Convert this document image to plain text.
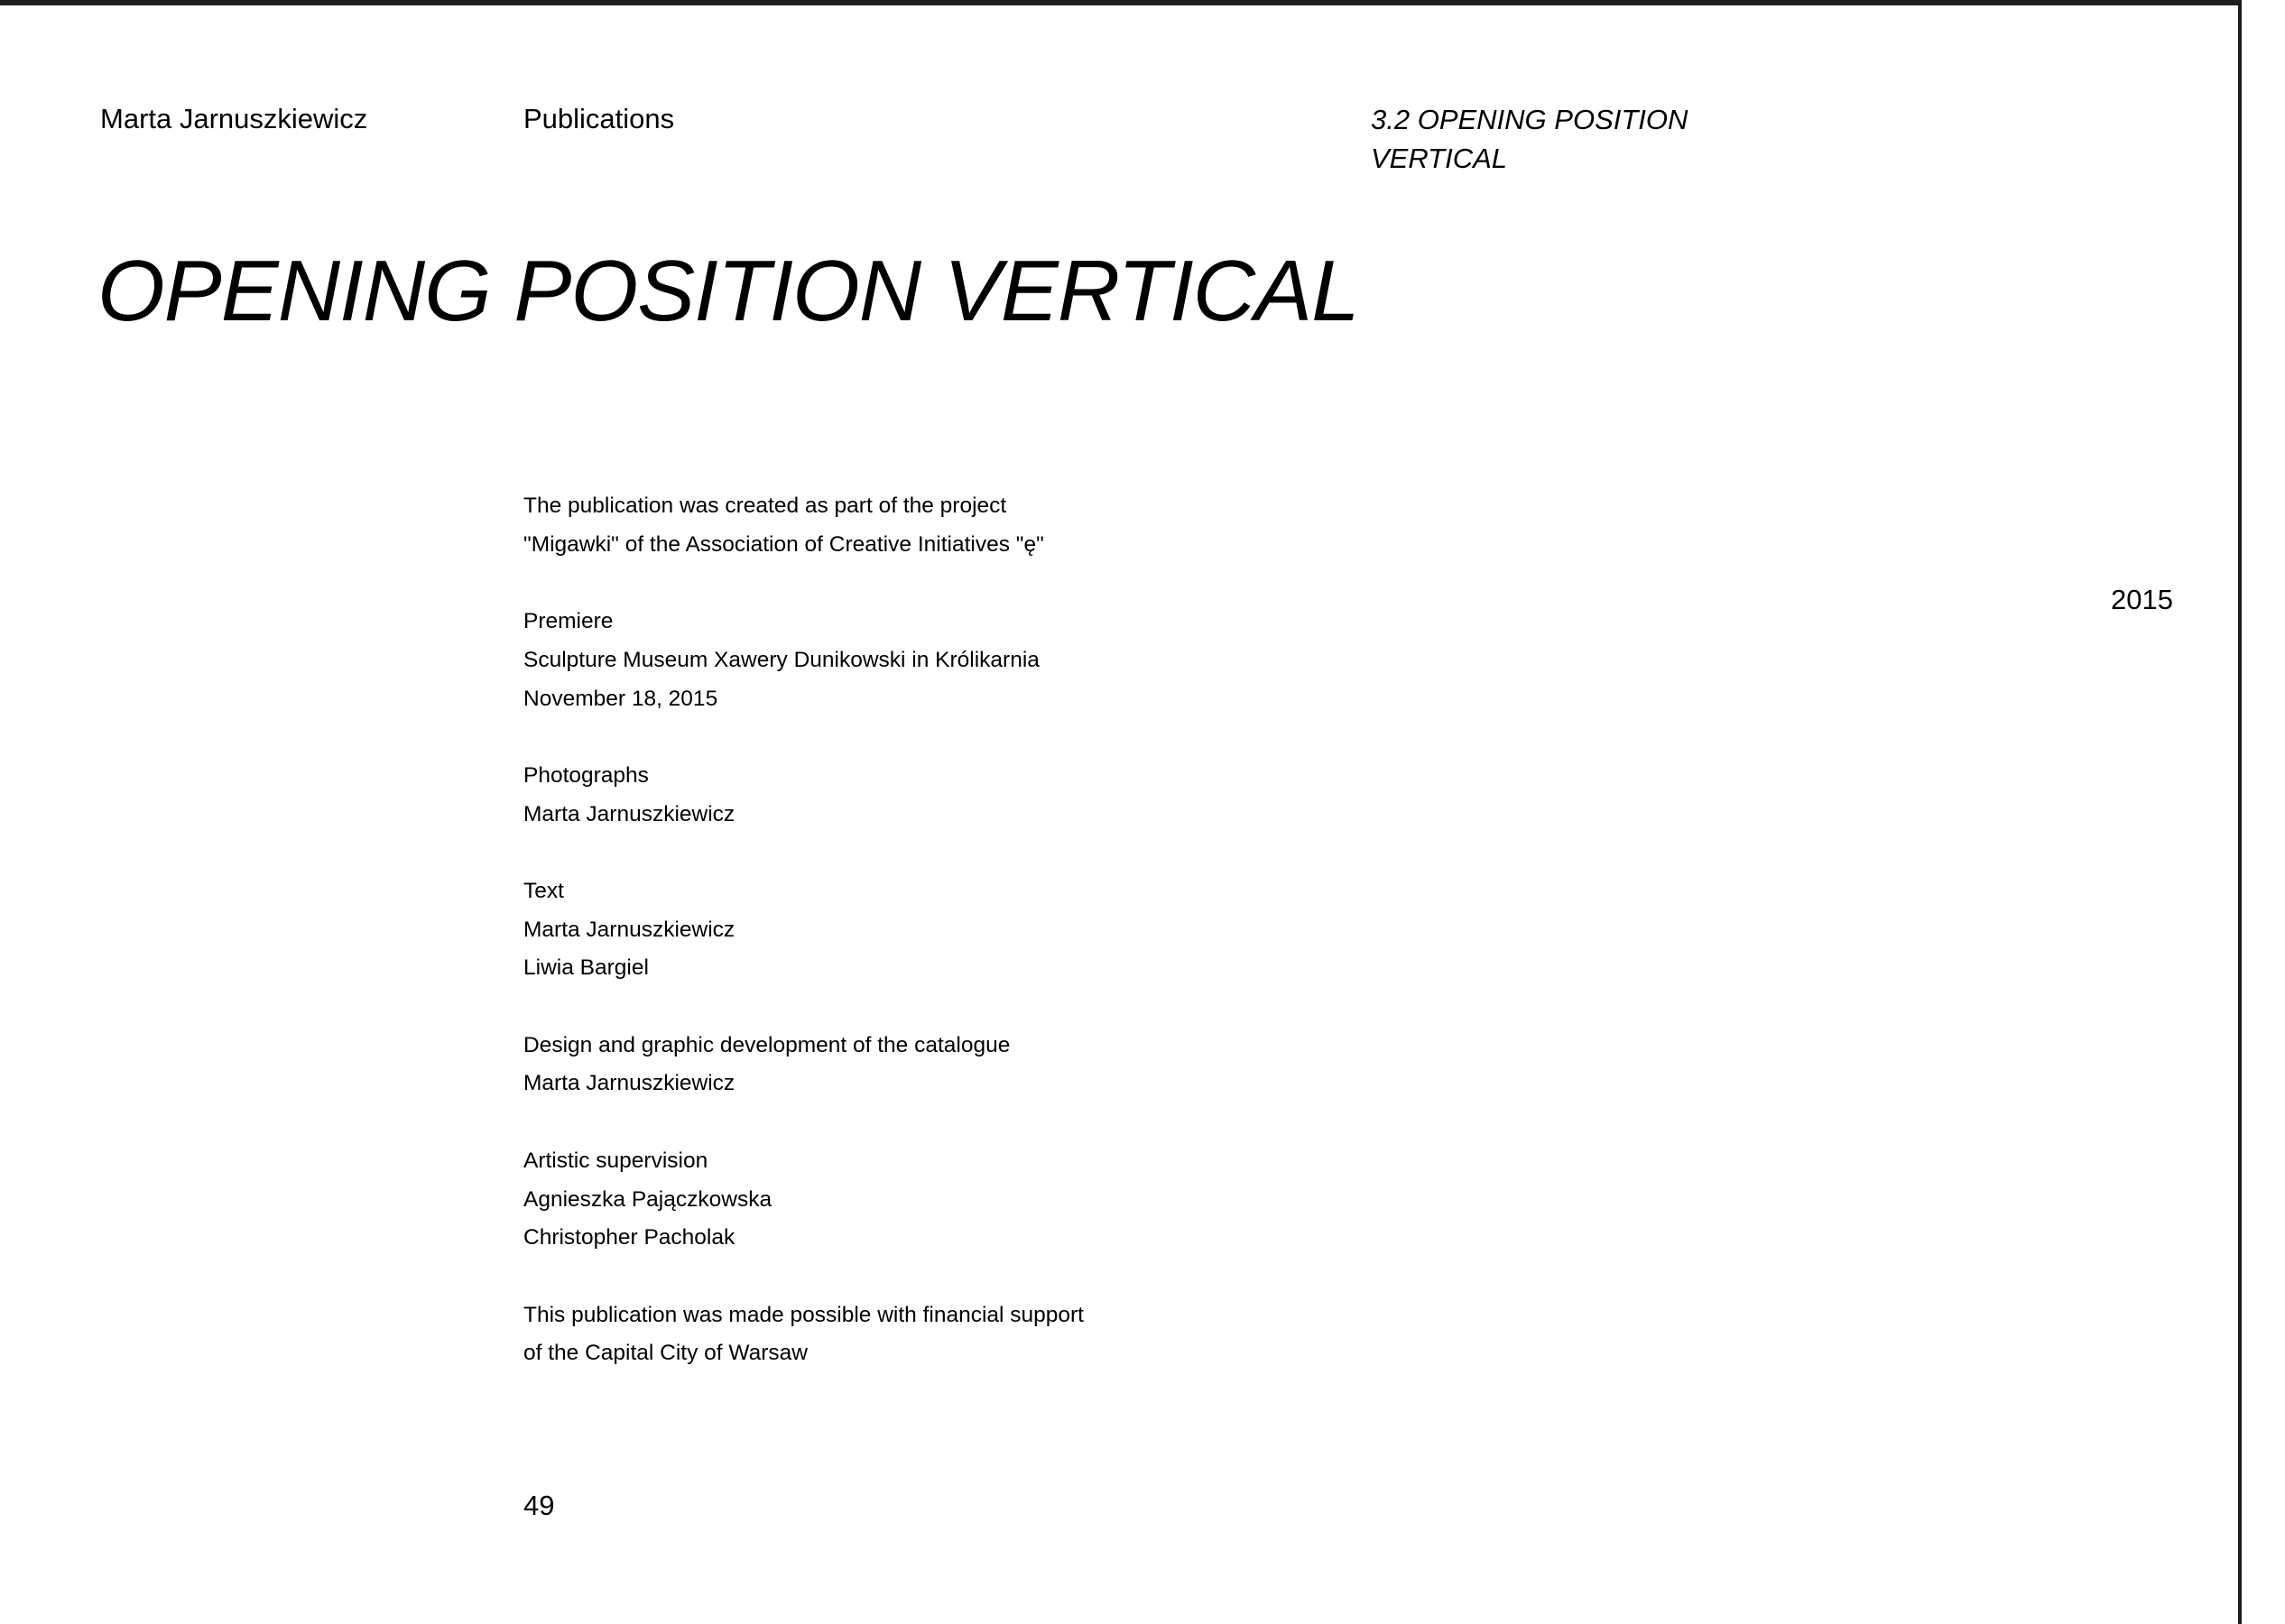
Marta Jarnuszkiewicz	Publications	3.2 OPENING POSITION
VERTICAL
OPENING POSITION VERTICAL
2015
The publication was created as part of the project
"Migawki" of the Association of Creative Initiatives "ę"
Premiere
Sculpture Museum Xawery Dunikowski in Królikarnia
November 18, 2015
Photographs
Marta Jarnuszkiewicz
Text
Marta Jarnuszkiewicz
Liwia Bargiel
Design and graphic development of the catalogue
Marta Jarnuszkiewicz
Artistic supervision
Agnieszka Pajączkowska
Christopher Pacholak
This publication was made possible with financial support
of the Capital City of Warsaw
49
